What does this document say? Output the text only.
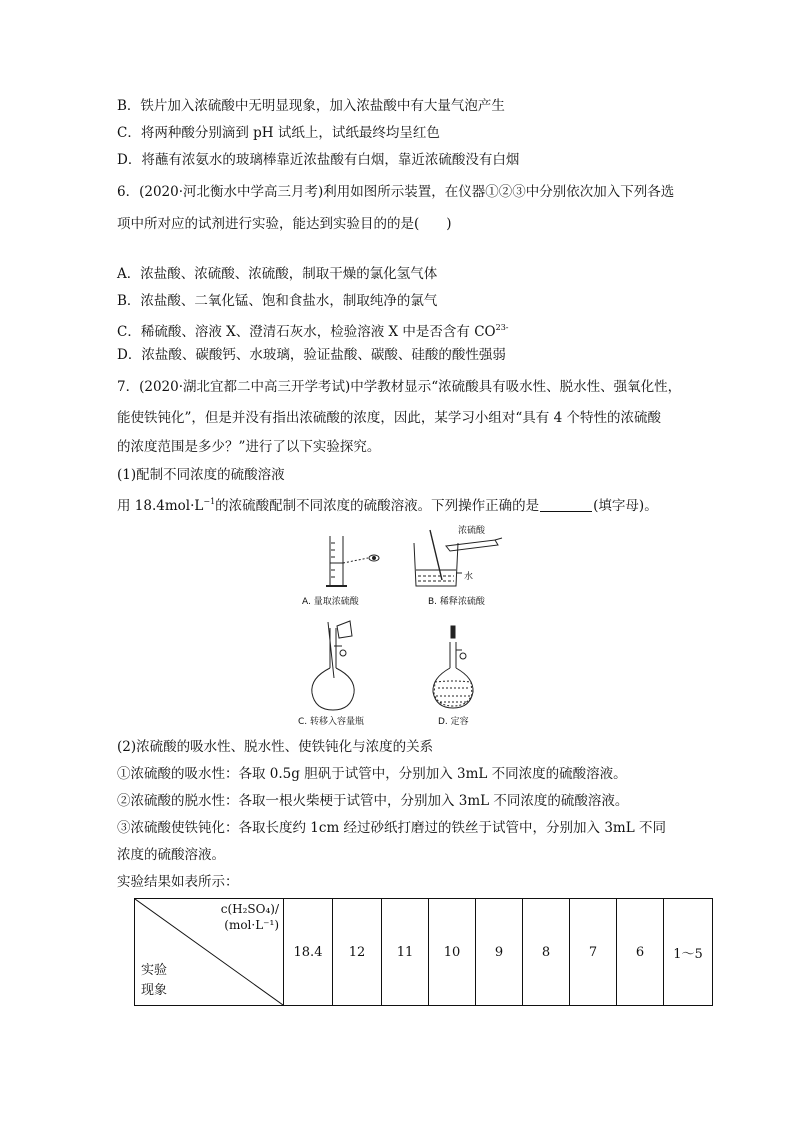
B．铁片加入浓硫酸中无明显现象，加入浓盐酸中有大量气泡产生
C．将两种酸分别滴到 pH 试纸上，试纸最终均呈红色
D．将蘸有浓氨水的玻璃棒靠近浓盐酸有白烟，靠近浓硫酸没有白烟
6．(2020·河北衡水中学高三月考)利用如图所示装置，在仪器①②③中分别依次加入下列各选
项中所对应的试剂进行实验，能达到实验目的的是(　　)
A．浓盐酸、浓硫酸、浓硫酸，制取干燥的氯化氢气体
B．浓盐酸、二氧化锰、饱和食盐水，制取纯净的氯气
C．稀硫酸、溶液 X、澄清石灰水，检验溶液 X 中是否含有 $CO^{23-}$
D．浓盐酸、碳酸钙、水玻璃，验证盐酸、碳酸、硅酸的酸性强弱
7．(2020·湖北宜都二中高三开学考试)中学教材显示“浓硫酸具有吸水性、脱水性、强氧化性，
能使铁钝化”，但是并没有指出浓硫酸的浓度，因此，某学习小组对“具有 4 个特性的浓硫酸
的浓度范围是多少？”进行了以下实验探究。
(1)配制不同浓度的硫酸溶液
用 $18.4mol\cdot L^{-1}$的浓硫酸配制不同浓度的硫酸溶液。下列操作正确的是	(填字母)。
浓硫酸
水
A. 量取浓硫酸	B. 稀释浓硫酸
C. 转移入容量瓶	D. 定容
(2)浓硫酸的吸水性、脱水性、使铁钝化与浓度的关系
①浓硫酸的吸水性：各取 0.5g 胆矾于试管中，分别加入 3mL 不同浓度的硫酸溶液。
②浓硫酸的脱水性：各取一根火柴梗于试管中，分别加入 3mL 不同浓度的硫酸溶液。
③浓硫酸使铁钝化：各取长度约 1cm 经过砂纸打磨过的铁丝于试管中，分别加入 3mL 不同
浓度的硫酸溶液。
实验结果如表所示：
c(H₂SO₄)/
(mol·L⁻¹)
实验
现象
	18.4	12	11	10	9	8	7	6	1～5
